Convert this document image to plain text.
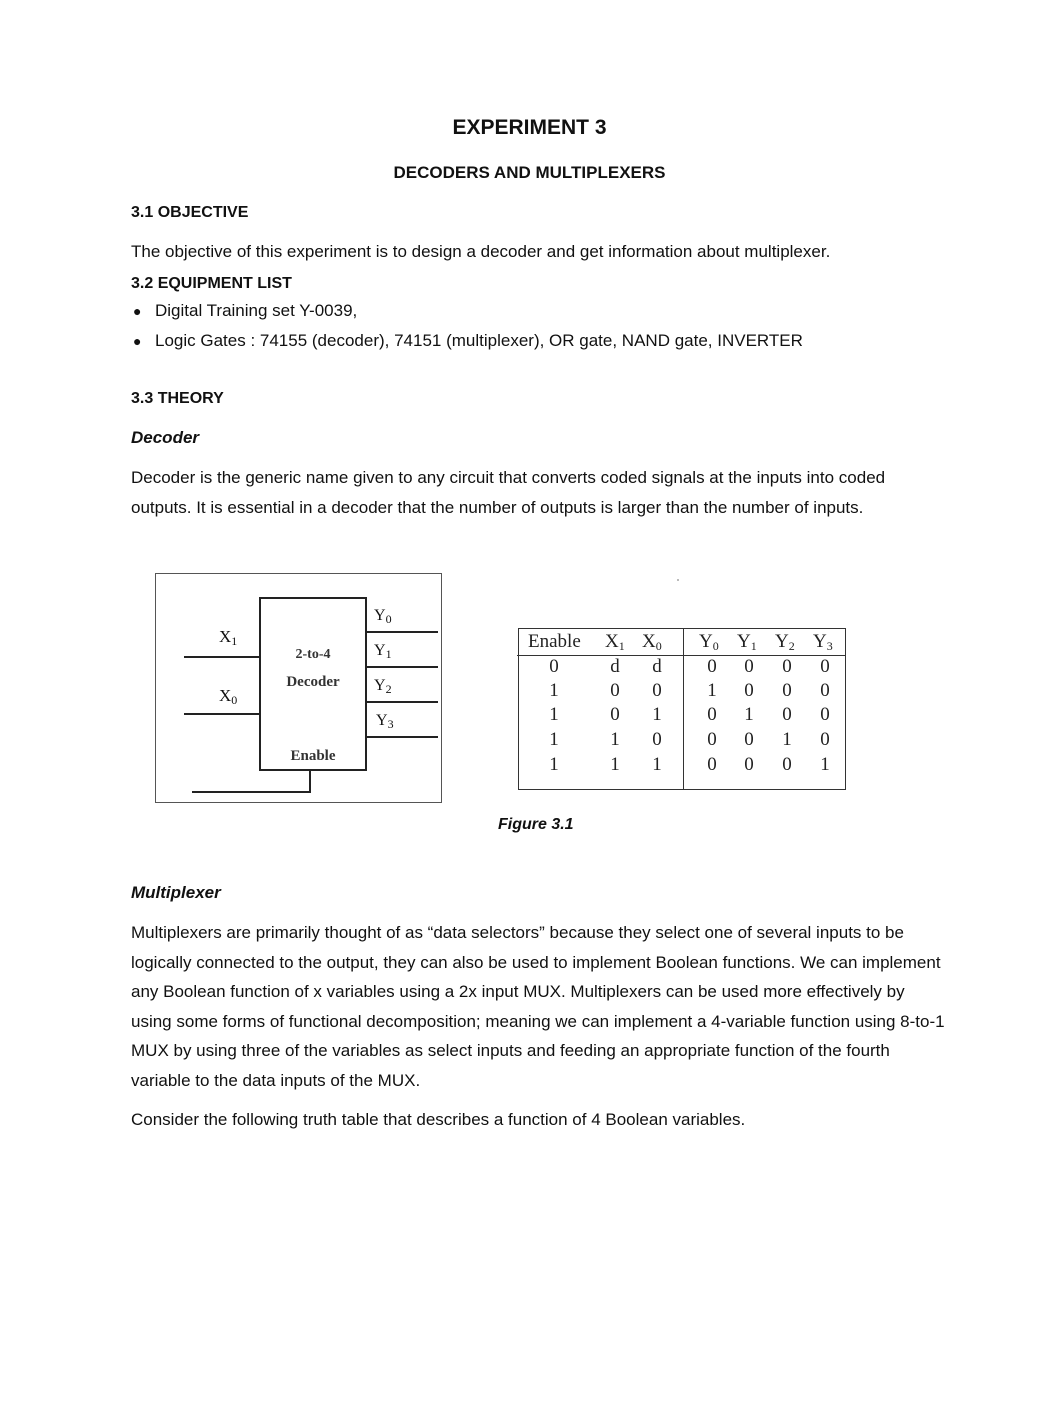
EXPERIMENT 3
DECODERS AND MULTIPLEXERS
3.1 OBJECTIVE
The objective of this experiment is to design a decoder and get information about multiplexer.
3.2 EQUIPMENT LIST
● Digital Training set Y-0039,
● Logic Gates : 74155 (decoder), 74151 (multiplexer), OR gate, NAND gate, INVERTER
3.3 THEORY
Decoder
Decoder is the generic name given to any circuit that converts coded signals at the inputs into coded outputs. It is essential in a decoder that the number of outputs is larger than the number of inputs.
$X_1$
$X_0$
$Y_0$
$Y_1$
$Y_2$
$Y_3$
2-to-4
Decoder
Enable
Enable $X_1$ $X_0$ $Y_0$ $Y_1$ $Y_2$ $Y_3$
0	d	d	0	0	0	0
1	0	0	1	0	0	0
1	0	1	0	1	0	0
1	1	0	0	0	1	0
1	1	1	0	0	0	1
Figure 3.1
Multiplexer
Multiplexers are primarily thought of as “data selectors” because they select one of several inputs to be logically connected to the output, they can also be used to implement Boolean functions. We can implement any Boolean function of x variables using a 2x input MUX. Multiplexers can be used more effectively by using some forms of functional decomposition; meaning we can implement a 4-variable function using 8-to-1 MUX by using three of the variables as select inputs and feeding an appropriate function of the fourth variable to the data inputs of the MUX.
Consider the following truth table that describes a function of 4 Boolean variables.
